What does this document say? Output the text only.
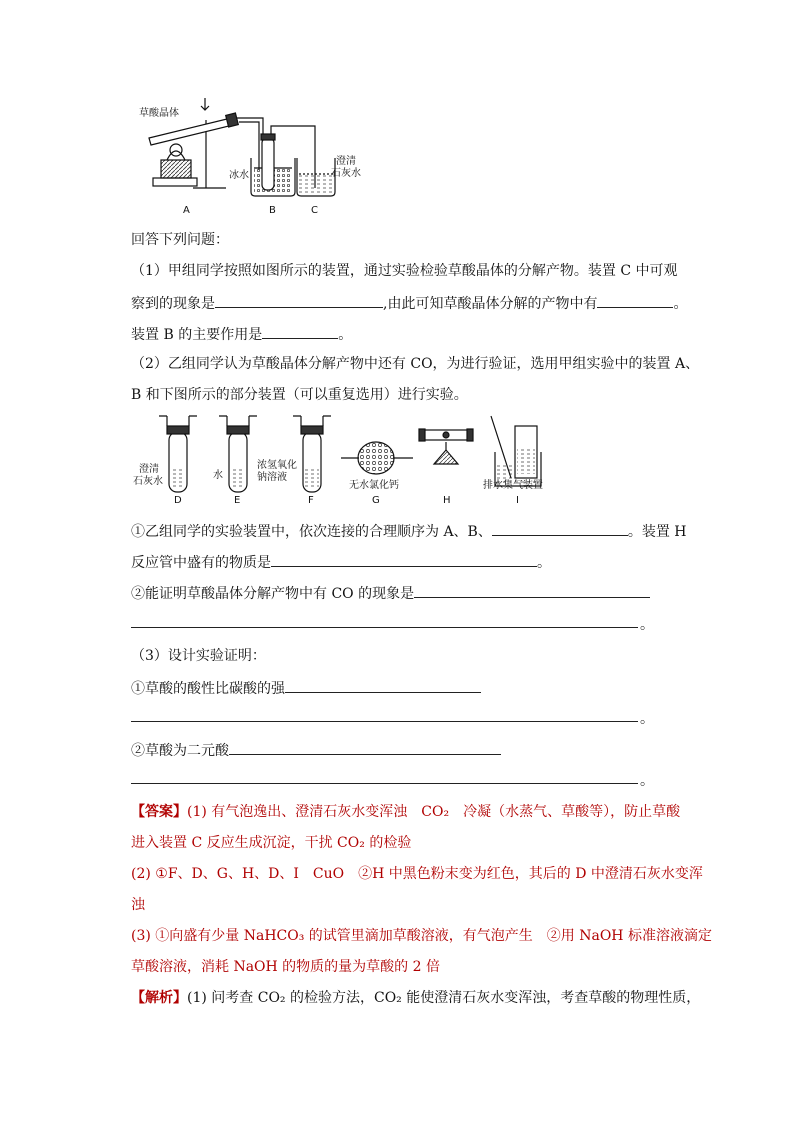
草酸晶体
冰水
澄清
石灰水
A	B	C
回答下列问题：
（1）甲组同学按照如图所示的装置，通过实验检验草酸晶体的分解产物。装置 C 中可观
察到的现象是	,由此可知草酸晶体分解的产物中有	。
装置 B 的主要作用是	。
（2）乙组同学认为草酸晶体分解产物中还有 CO，为进行验证，选用甲组实验中的装置 A、
B 和下图所示的部分装置（可以重复选用）进行实验。
澄清
石灰水
水
浓氢氧化
钠溶液
无水氯化钙	排水集气装置
D	E	F	G	H	I
①乙组同学的实验装置中，依次连接的合理顺序为 A、B、	。装置 H
反应管中盛有的物质是	。
②能证明草酸晶体分解产物中有 CO 的现象是
。
（3）设计实验证明：
①草酸的酸性比碳酸的强
。
②草酸为二元酸
。
【答案】(1) 有气泡逸出、澄清石灰水变浑浊　CO₂　冷凝（水蒸气、草酸等），防止草酸
进入装置 C 反应生成沉淀，干扰 CO₂ 的检验
(2) ①F、D、G、H、D、I　CuO　②H 中黑色粉末变为红色，其后的 D 中澄清石灰水变浑
浊
(3) ①向盛有少量 NaHCO₃ 的试管里滴加草酸溶液，有气泡产生　②用 NaOH 标准溶液滴定
草酸溶液，消耗 NaOH 的物质的量为草酸的 2 倍
【解析】(1) 问考查 CO₂ 的检验方法，CO₂ 能使澄清石灰水变浑浊，考查草酸的物理性质，
